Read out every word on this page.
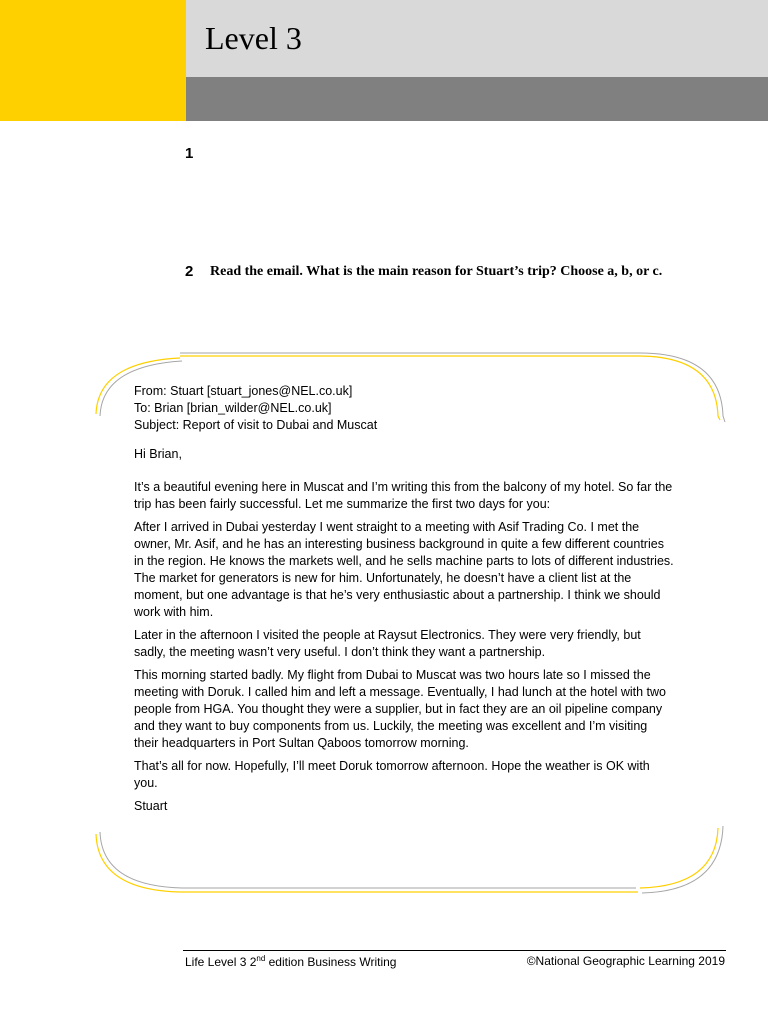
Level 3
1
2 Read the email. What is the main reason for Stuart’s trip? Choose a, b, or c.

From: Stuart [stuart_jones@NEL.co.uk]

To: Brian [brian_wilder@NEL.co.uk]

Subject: Report of visit to Dubai and Muscat

Hi Brian,

It’s a beautiful evening here in Muscat and I’m writing this from the balcony of my hotel. So far the trip has been fairly successful. Let me summarize the first two days for you:

After I arrived in Dubai yesterday I went straight to a meeting with Asif Trading Co. I met the owner, Mr. Asif, and he has an interesting business background in quite a few different countries in the region. He knows the markets well, and he sells machine parts to lots of different industries. The market for generators is new for him. Unfortunately, he doesn’t have a client list at the moment, but one advantage is that he’s very enthusiastic about a partnership. I think we should work with him.

Later in the afternoon I visited the people at Raysut Electronics. They were very friendly, but sadly, the meeting wasn’t very useful. I don’t think they want a partnership.

This morning started badly. My flight from Dubai to Muscat was two hours late so I missed the meeting with Doruk. I called him and left a message. Eventually, I had lunch at the hotel with two people from HGA. You thought they were a supplier, but in fact they are an oil pipeline company and they want to buy components from us. Luckily, the meeting was excellent and I’m visiting their headquarters in Port Sultan Qaboos tomorrow morning.

That’s all for now. Hopefully, I’ll meet Doruk tomorrow afternoon. Hope the weather is OK with you.

Stuart

Life Level 3 2nd edition Business Writing	©National Geographic Learning 2019
